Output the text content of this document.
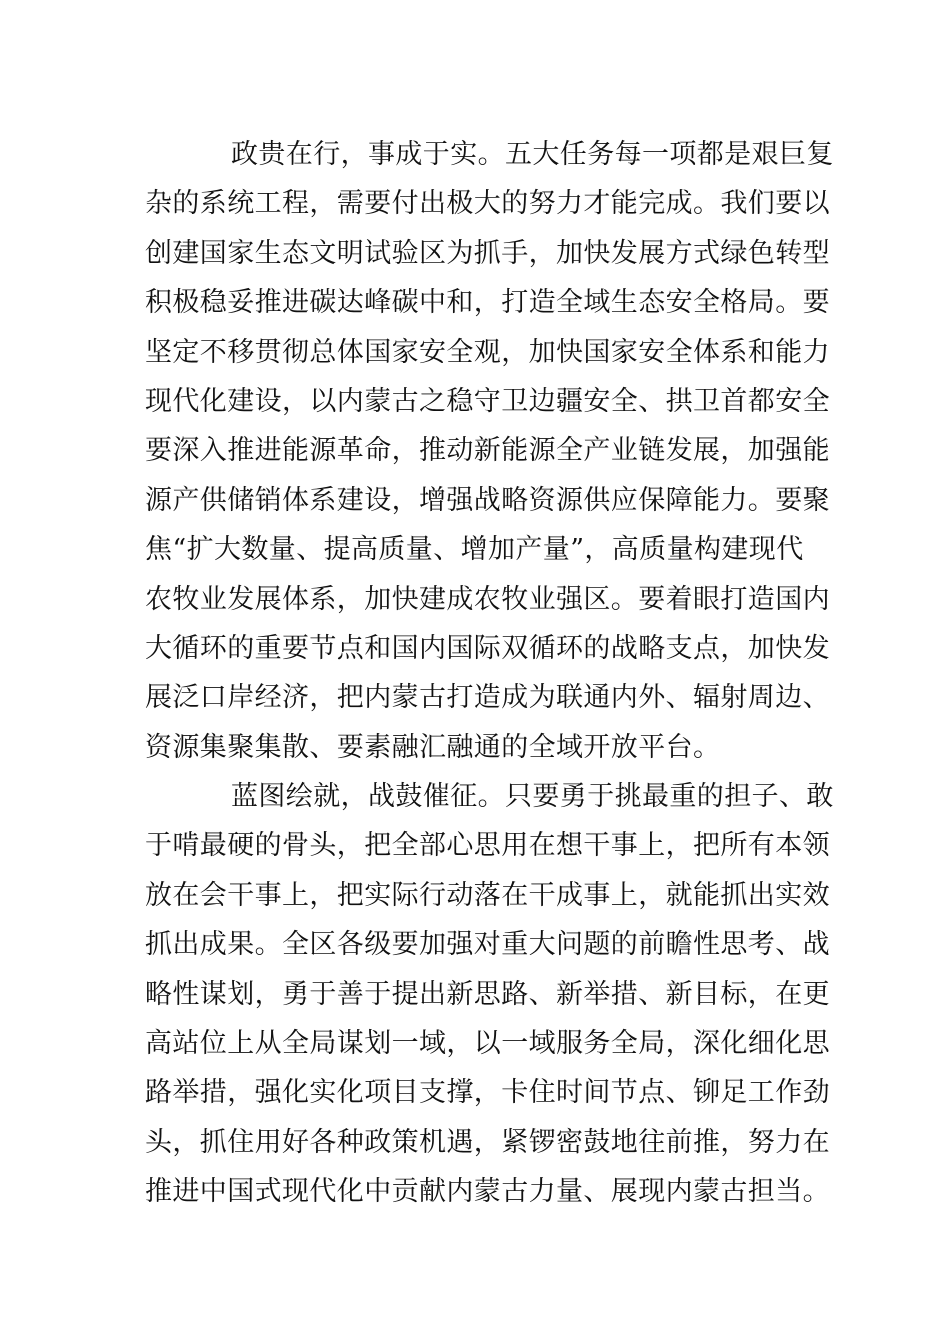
政贵在行，事成于实。五大任务每一项都是艰巨复
杂的系统工程，需要付出极大的努力才能完成。我们要以
创建国家生态文明试验区为抓手，加快发展方式绿色转型
积极稳妥推进碳达峰碳中和，打造全域生态安全格局。要
坚定不移贯彻总体国家安全观，加快国家安全体系和能力
现代化建设，以内蒙古之稳守卫边疆安全、拱卫首都安全
要深入推进能源革命，推动新能源全产业链发展，加强能
源产供储销体系建设，增强战略资源供应保障能力。要聚
焦“扩大数量、提高质量、增加产量”，高质量构建现代
农牧业发展体系，加快建成农牧业强区。要着眼打造国内
大循环的重要节点和国内国际双循环的战略支点，加快发
展泛口岸经济，把内蒙古打造成为联通内外、辐射周边、
资源集聚集散、要素融汇融通的全域开放平台。
蓝图绘就，战鼓催征。只要勇于挑最重的担子、敢
于啃最硬的骨头，把全部心思用在想干事上，把所有本领
放在会干事上，把实际行动落在干成事上，就能抓出实效
抓出成果。全区各级要加强对重大问题的前瞻性思考、战
略性谋划，勇于善于提出新思路、新举措、新目标，在更
高站位上从全局谋划一域，以一域服务全局，深化细化思
路举措，强化实化项目支撑，卡住时间节点、铆足工作劲
头，抓住用好各种政策机遇，紧锣密鼓地往前推，努力在
推进中国式现代化中贡献内蒙古力量、展现内蒙古担当。
